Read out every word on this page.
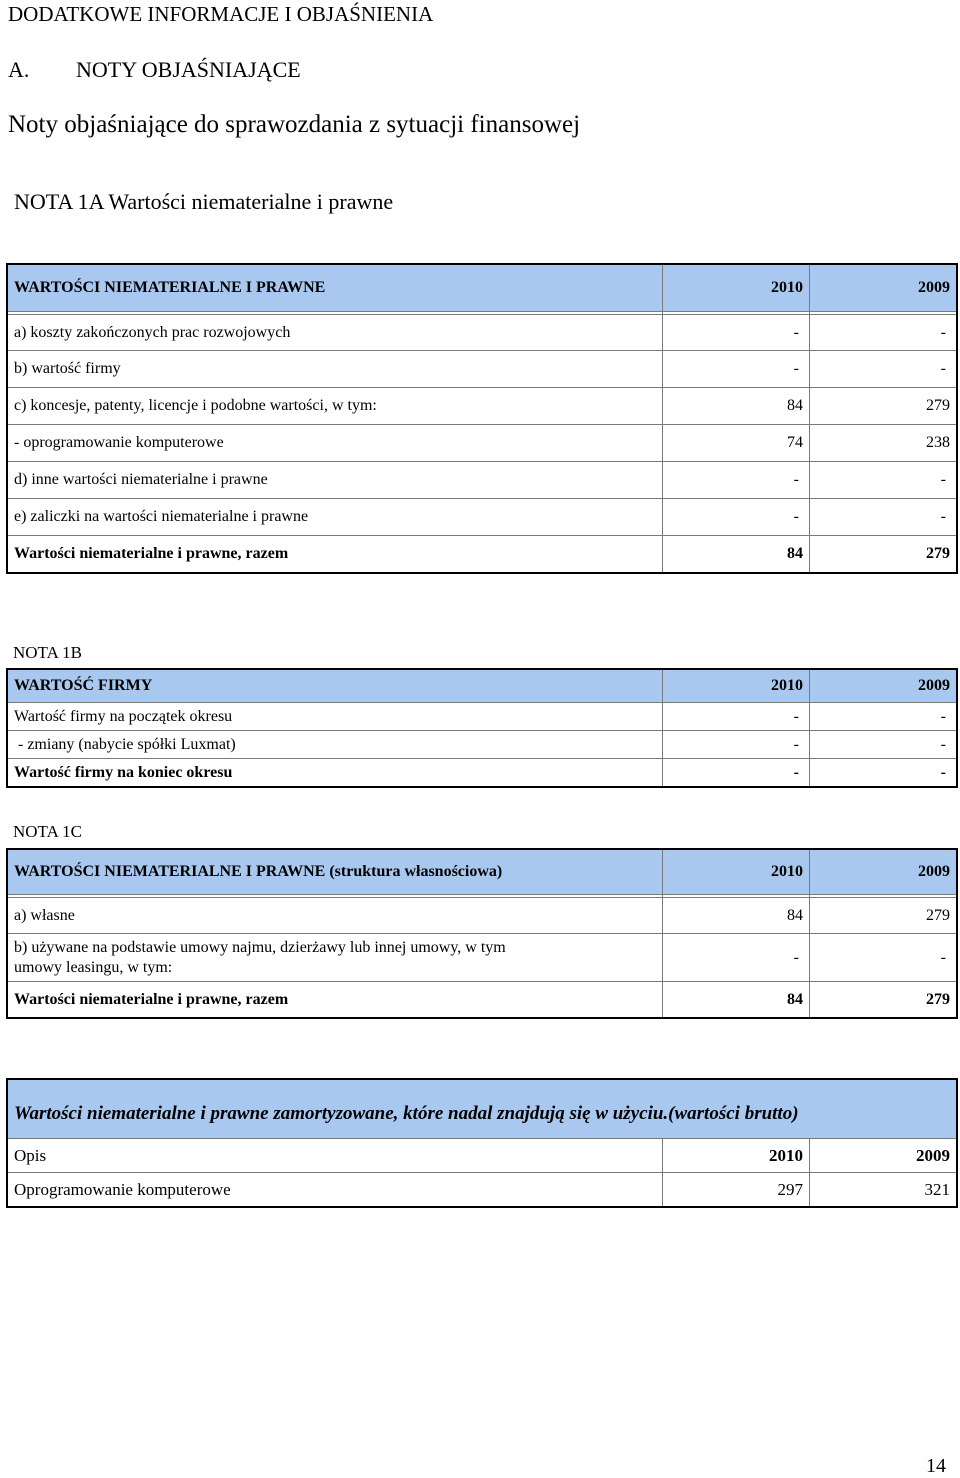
DODATKOWE INFORMACJE I OBJAŚNIENIA
A. NOTY OBJAŚNIAJĄCE
Noty objaśniające do sprawozdania z sytuacji finansowej
NOTA 1A Wartości niematerialne i prawne
WARTOŚCI NIEMATERIALNE I PRAWNE	2010	2009

a) koszty zakończonych prac rozwojowych	-	-
b) wartość firmy	-	-
c) koncesje, patenty, licencje i podobne wartości, w tym:	84	279
- oprogramowanie komputerowe	74	238
d) inne wartości niematerialne i prawne	-	-
e) zaliczki na wartości niematerialne i prawne	-	-
Wartości niematerialne i prawne, razem	84	279
NOTA 1B
WARTOŚĆ FIRMY	2010	2009
Wartość firmy na początek okresu	-	-
- zmiany (nabycie spółki Luxmat)	-	-
Wartość firmy na koniec okresu	-	-
NOTA 1C
WARTOŚCI NIEMATERIALNE I PRAWNE (struktura własnościowa)	2010	2009

a) własne	84	279
b) używane na podstawie umowy najmu, dzierżawy lub innej umowy, w tym umowy leasingu, w tym:	-	-
Wartości niematerialne i prawne, razem	84	279
Wartości niematerialne i prawne zamortyzowane, które nadal znajdują się w użyciu.(wartości brutto)		
Opis	2010	2009
Oprogramowanie komputerowe	297	321
14
